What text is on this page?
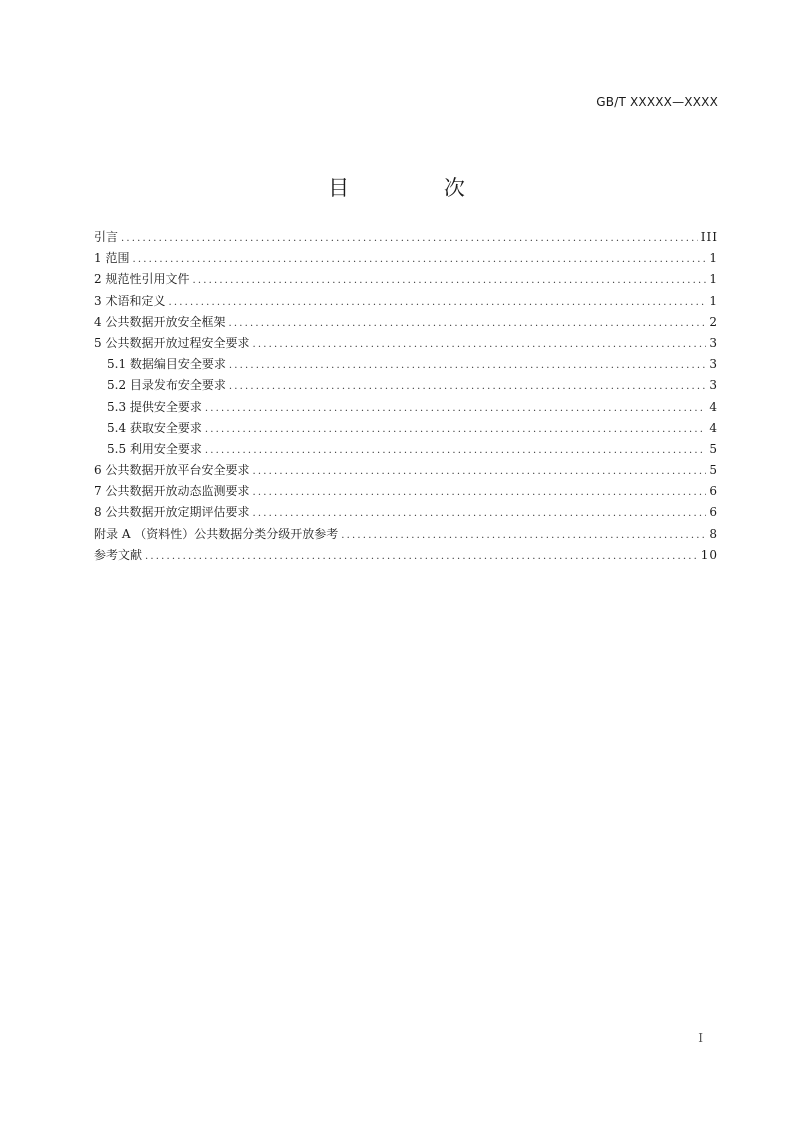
GB/T XXXXX—XXXX
目 次
引言 .....	III
1 范围 .....	1
2 规范性引用文件 .....	1
3 术语和定义 .....	1
4 公共数据开放安全框架 .....	2
5 公共数据开放过程安全要求 .....	3
5.1 数据编目安全要求 .....	3
5.2 目录发布安全要求 .....	3
5.3 提供安全要求 .....	4
5.4 获取安全要求 .....	4
5.5 利用安全要求 .....	5
6 公共数据开放平台安全要求 .....	5
7 公共数据开放动态监测要求 .....	6
8 公共数据开放定期评估要求 .....	6
附录 A （资料性）公共数据分类分级开放参考 .....	8
参考文献 .....	10
I
